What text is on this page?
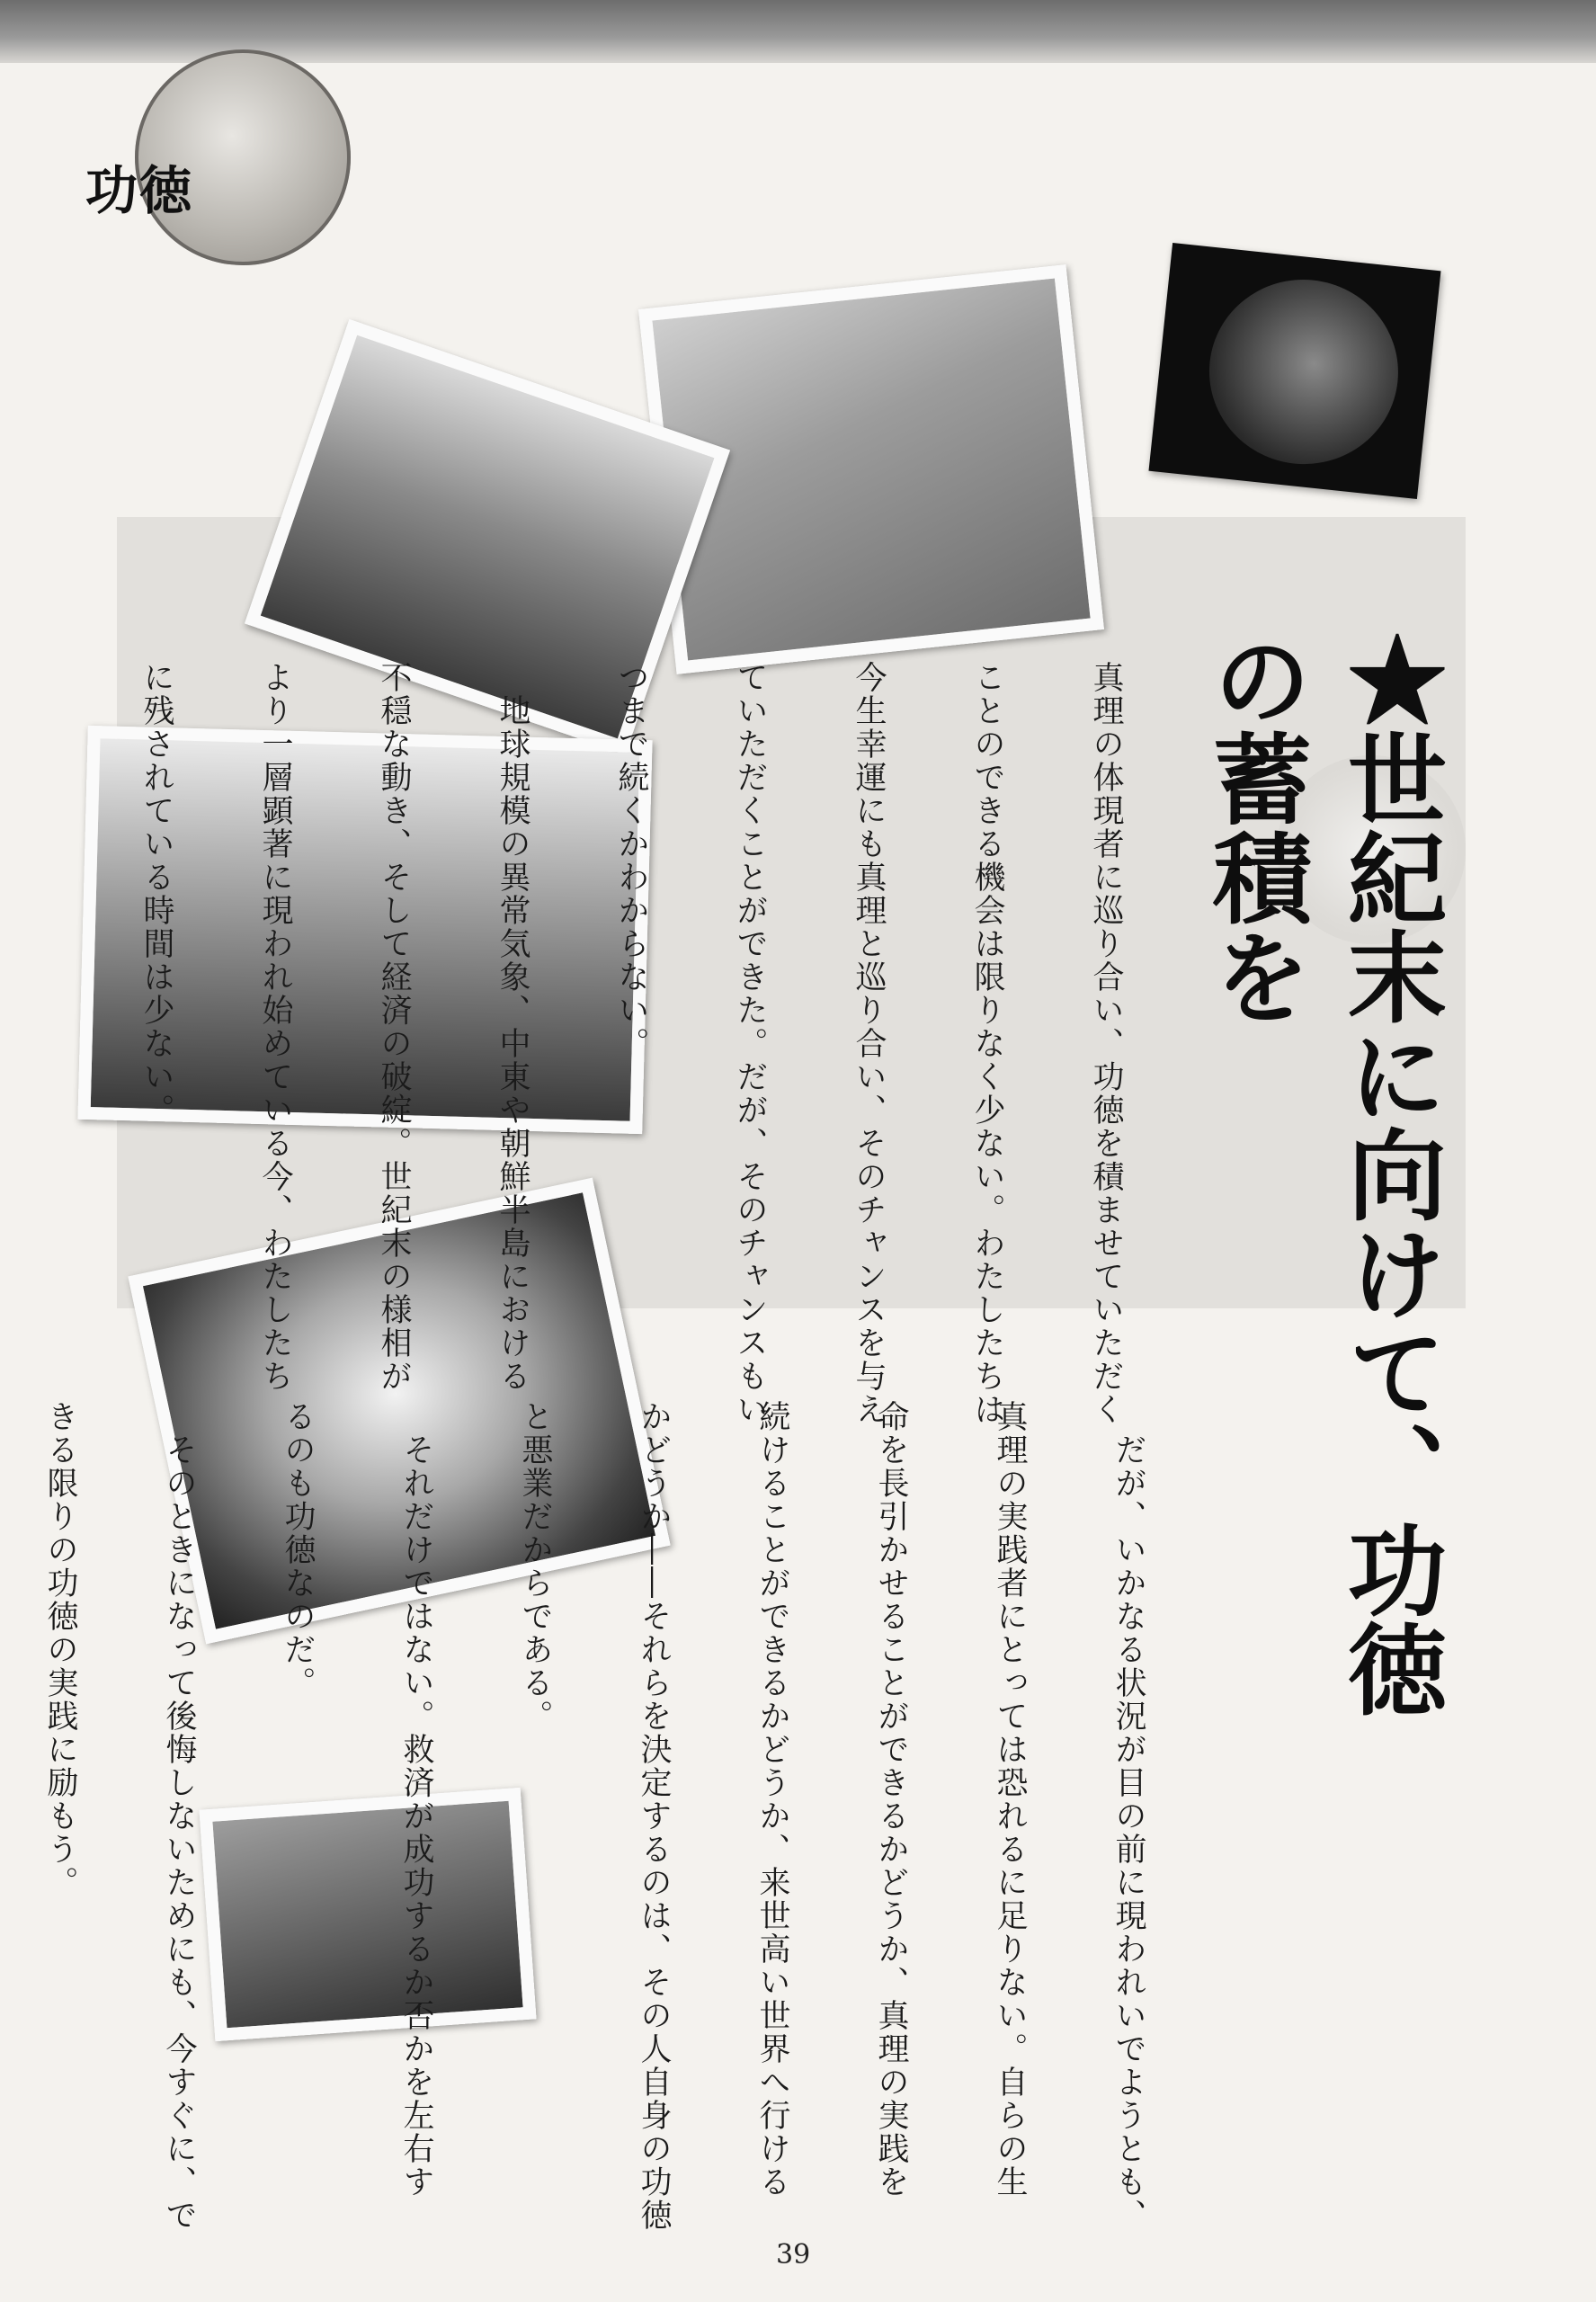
功徳
★世紀末に向けて、功徳の蓄積を

真理の体現者に巡り合い、功徳を積ませていただく

ことのできる機会は限りなく少ない。わたしたちは

今生幸運にも真理と巡り合い、そのチャンスを与え

ていただくことができた。だが、そのチャンスもい

つまで続くかわからない。

　地球規模の異常気象、中東や朝鮮半島における

不穏な動き、そして経済の破綻。世紀末の様相が

より一層顕著に現われ始めている今、わたしたち

に残されている時間は少ない。

　だが、いかなる状況が目の前に現われいでようとも、

真理の実践者にとっては恐れるに足りない。自らの生

命を長引かせることができるかどうか、真理の実践を

続けることができるかどうか、来世高い世界へ行ける

かどうか――それらを決定するのは、その人自身の功徳

と悪業だからである。

　それだけではない。救済が成功するか否かを左右す

るのも功徳なのだ。

　そのときになって後悔しないためにも、今すぐに、で

きる限りの功徳の実践に励もう。

39
